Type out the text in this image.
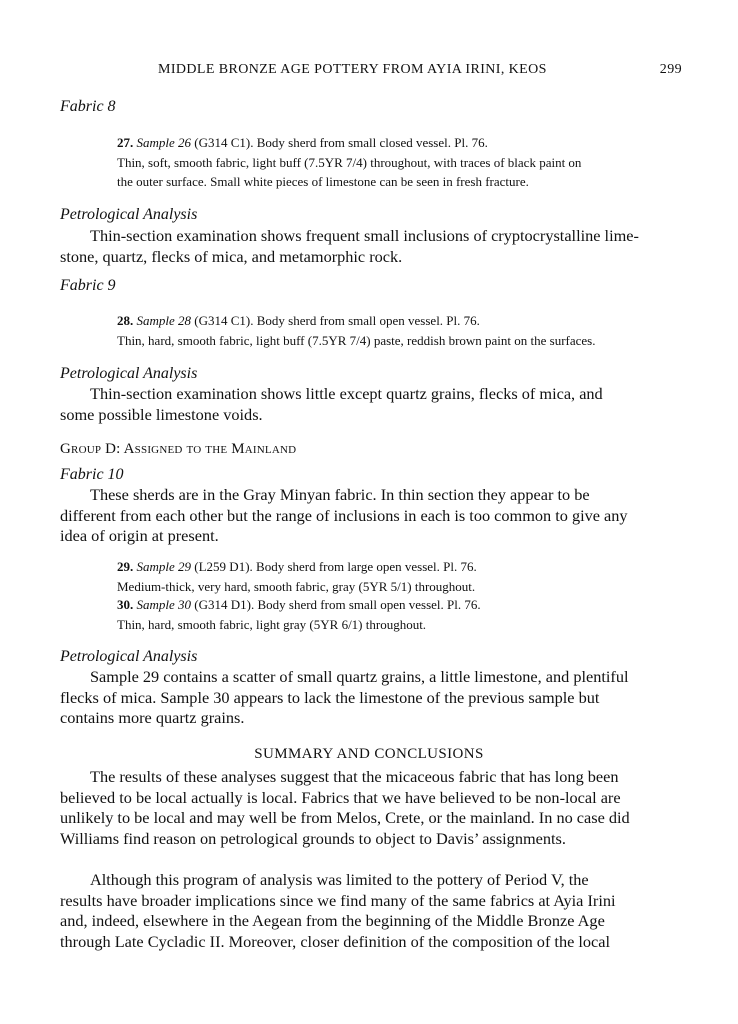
MIDDLE BRONZE AGE POTTERY FROM AYIA IRINI, KEOS	299
Fabric 8
27. Sample 26 (G314 C1). Body sherd from small closed vessel. Pl. 76.
Thin, soft, smooth fabric, light buff (7.5YR 7/4) throughout, with traces of black paint on
the outer surface. Small white pieces of limestone can be seen in fresh fracture.
Petrological Analysis
Thin-section examination shows frequent small inclusions of cryptocrystalline lime-
stone, quartz, flecks of mica, and metamorphic rock.
Fabric 9
28. Sample 28 (G314 C1). Body sherd from small open vessel. Pl. 76.
Thin, hard, smooth fabric, light buff (7.5YR 7/4) paste, reddish brown paint on the surfaces.
Petrological Analysis
Thin-section examination shows little except quartz grains, flecks of mica, and
some possible limestone voids.
Group D: Assigned to the Mainland
Fabric 10
These sherds are in the Gray Minyan fabric. In thin section they appear to be
different from each other but the range of inclusions in each is too common to give any
idea of origin at present.
29. Sample 29 (L259 D1). Body sherd from large open vessel. Pl. 76.
Medium-thick, very hard, smooth fabric, gray (5YR 5/1) throughout.
30. Sample 30 (G314 D1). Body sherd from small open vessel. Pl. 76.
Thin, hard, smooth fabric, light gray (5YR 6/1) throughout.
Petrological Analysis
Sample 29 contains a scatter of small quartz grains, a little limestone, and plentiful
flecks of mica. Sample 30 appears to lack the limestone of the previous sample but
contains more quartz grains.
SUMMARY AND CONCLUSIONS
The results of these analyses suggest that the micaceous fabric that has long been
believed to be local actually is local. Fabrics that we have believed to be non-local are
unlikely to be local and may well be from Melos, Crete, or the mainland. In no case did
Williams find reason on petrological grounds to object to Davis’ assignments.
Although this program of analysis was limited to the pottery of Period V, the
results have broader implications since we find many of the same fabrics at Ayia Irini
and, indeed, elsewhere in the Aegean from the beginning of the Middle Bronze Age
through Late Cycladic II. Moreover, closer definition of the composition of the local
